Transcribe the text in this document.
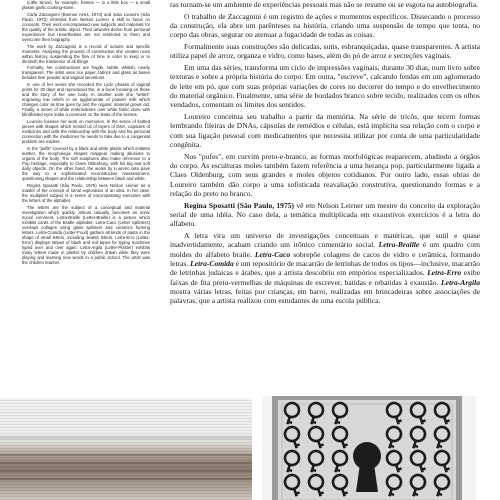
(Little Stove), for example, frames — in a little box — a small plaster garlic cooking-stove.

Carla Zaccagnini (Buenos Aires, 1974) and Julia Loureiro (São Paulo, 1972) inherited from Nelson Leirner a skill to focus on concepts. Their work encompassed new subjects and materials for the quality of the artistic object. Their artworks derive from personal experiences but nevertheless are not restricted to them and overcome their biography.

The work by Zaccagnini is a record of actions and specific moments. Analysing the process of construction she creates room within history, suspending the flow of time in order to keep or to diminish the transience of all things.

Formally, her constructions are fragile, subtle, whitish, nearly transparent. The artist uses rice paper, fabrics and glass as bases besides liver powder and vaginal secretions.

In one of her series she recorded the cycle phases of vaginal prints for 30 days and reproduced the, in a book focusing on those and the story of her own body. In another work she "writes" engraving low reliefs in an agglomerate of powder milk which changes color as time goes by and the organic material grows old. Finally, a series of white embroideries over white fabric done with blindfolded eyes make a comment on the limits of the senses.

Loureiro focuses her work on memories. In the series of knitted pieces with shapes which remind us of layers of DNA, capsules of medicines and cells the relationship with the body and his personal connection with the medicines he needs to take due to a congenital problem are evident.

In the "puffs" covered by a black and white plastic which imitates leather, the morphologic shapes reappear making allusions to organs of the body. The soft sculptures also make reference to a Pop heritage, especially to Claes Oldenburg, with his big and soft daily objects. On the other hand, the works by Loureiro also pave the way to a sophisticated reconstructive reassessment, questioning shapes and the relationship between black and white.

Regina Sposatti (São Paulo, 1975) sees Nelson Leirner as a master of the concept of serial exploration of an idea. In her case, the multiplied subject is a series of encompassing exercises with the letters of the alphabet.

The letters are the subject of a conceptual and material investigation which quickly, almost casually, becomes an ironic social comment. Letra-Braille (Letter-Braille) is a picture which exhibits cards of the Braille alphabet. Letra-Caco (Letter Splinters) overlaps collages using glass splinters and ceramics forming letters. Letra-Comida (Letter-Food) gathers all kinds of pasta in the shape of small letters, including Jewish letters. Letra-Erro (Letter-Error) displays stripes of black and red tapes for typing machines typed over and over again. Letra-Argila (Letter-Plaster) exhibits many letters made in plaster by children drawn while they were playing and learning new words in a public school. The artist was the children teacher.

ras tornam-se um ambiente de experiências pessoais mas não se resume ou se esgota na autobiografia.

O trabalho de Zaccagnini é um registro de ações e momentos específicos. Dissecando o processo da construção, ela abre um parênteses na história, criando uma suspensão de tempo que tenta, no corpo das obras, segurar ou atenuar a fugacidade de todas as coisas.

Formalmente suas construções são delicadas, sutis, esbranquiçadas, quase transparentes. A artista utiliza papel de arroz, organza e vidro, como bases, além do pó de arroz e secreções vaginais.

Em uma das séries, transforma um ciclo de impressões vaginais, durante 30 dias, num livro sobre texturas e sobre a própria história do corpo. Em outra, "escreve", calcando fendas em um aglomerado de leite em pó, que com suas próprias variações de cores no decorrer do tempo e do envelhecimento do material orgânico. Finalmente, uma série de bordados branco sobre tecido, realizados com os olhos vendados, comentam os limites dos sentidos.

Loureiro conceitua seu trabalho a partir da memória. Na série de tricôs, que tecem formas lembrando fileiras de DNAs, cápsulas de remédios e células, está implícita sua relação com o corpo e com sua ligação pessoal com medicamentos que necessita utilizar por conta de uma particularidade congênita.

Nos "pufes", em curvim preto-e-branco, as formas morfológicas reaparecem, aludindo a órgãos do corpo. As esculturas moles também fazem referência a uma herança pop, particularmente ligada a Claes Oldenburg, com seus grandes e moles objetos cotidianos. Por outro lado, essas obras de Loureiro também dão corpo a uma sofisticada reavaliação construtiva, questionando formas e a relação do preto no branco.

Regina Sposatti (São Paulo, 1975) vê em Nelson Leirner um mestre do conceito da exploração serial de uma idéia. No caso dela, a temática multiplicada em exaustivos exercícios é a letra do alfabeto.

A letra vira um universo de investigações conceituais e matéricas, que sutil e quase inadvertidamente, acabam criando um irônico comentário social. Letra-Braille é um quadro com moldes do alfabeto braile. Letra-Caco sobrepõe colagens de cacos de vidro e cerâmica, formando letras. Letra-Comida é um repositório de macarrão de letrinhas de todos os tipos—inclusive, macarrão de letrinhas judaicas e árabes, que a artista descobriu em empórios especializados. Letra-Erro exibe faixas de fita preto-vermelhas de máquinas de escrever, batidas e rebatidas à exaustão. Letra-Argila mostra várias letras, feitas por crianças, em barro, realizadas em brincadeiras sobre associações de palavras, que a artista realizou com estudantes de uma escola pública.
